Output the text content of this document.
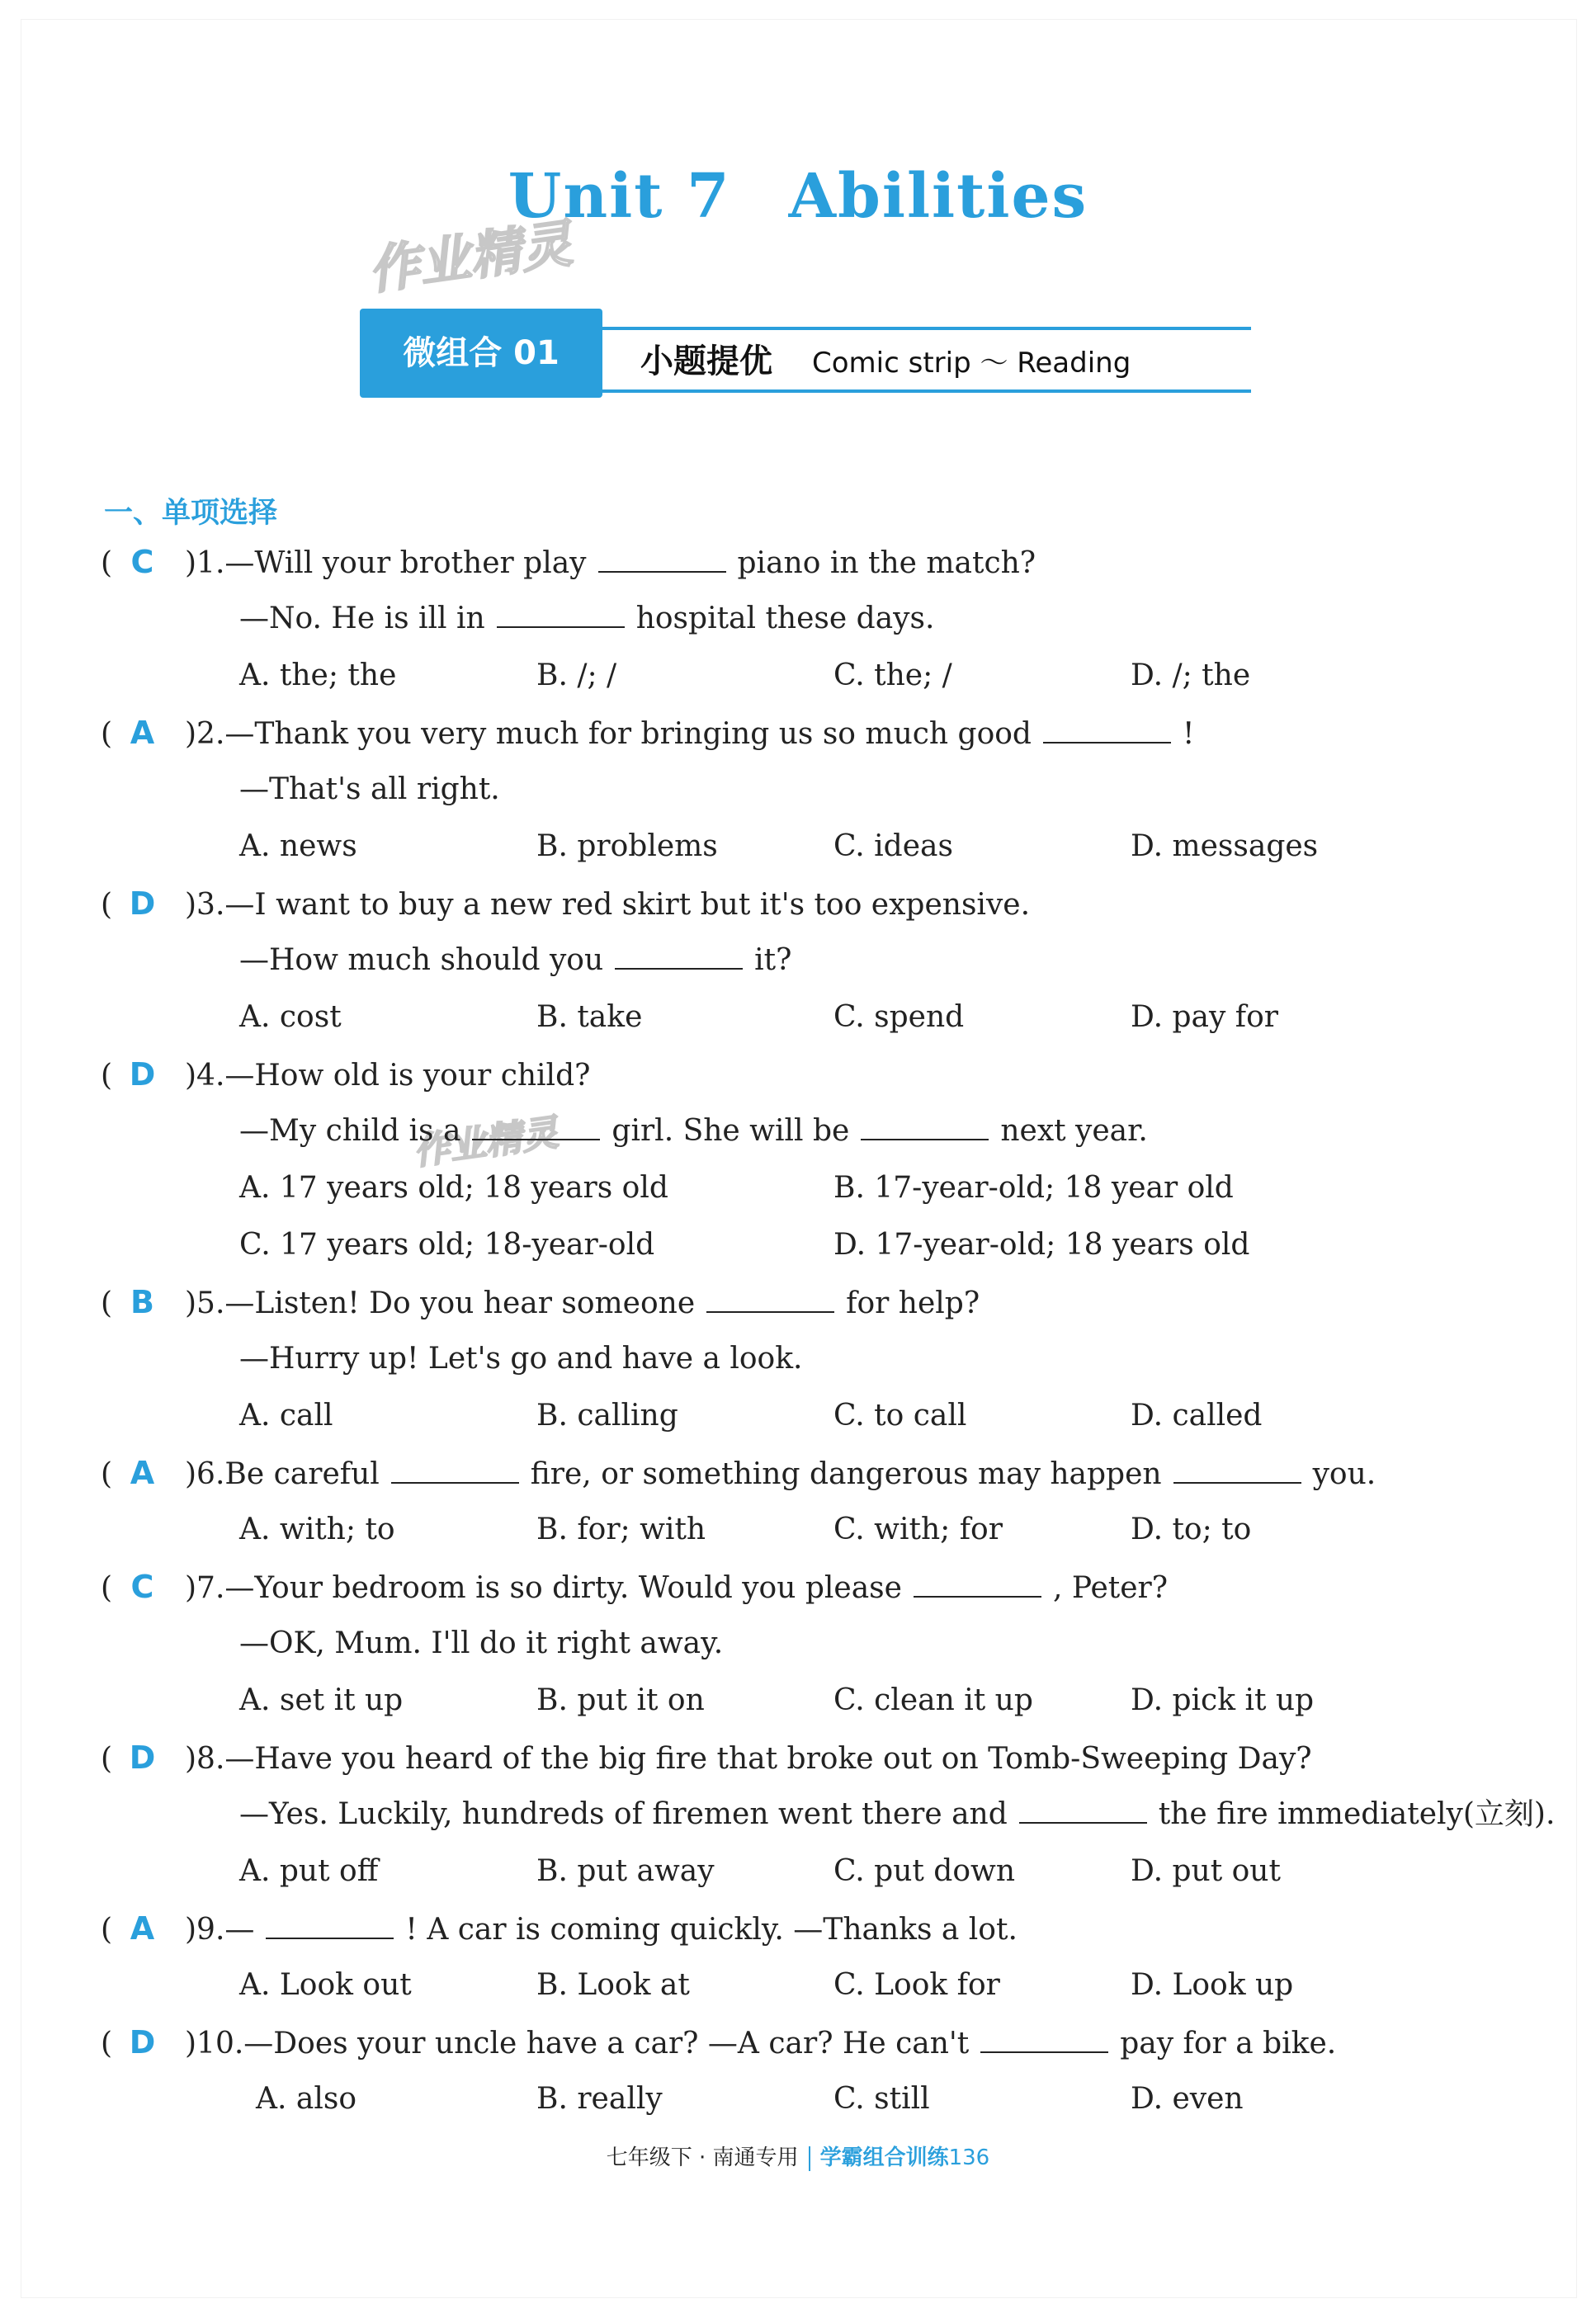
Unit 7 Abilities
作业精灵
作业精灵
微组合 01	小题提优 Comic strip ～ Reading
一、单项选择
( C )1.—Will your brother play	piano in the match?
—No. He is ill in	hospital these days.
A. the; the	B. /; /	C. the; /	D. /; the
( A )2.—Thank you very much for bringing us so much good	!
—That's all right.
A. news	B. problems	C. ideas	D. messages
( D )3.—I want to buy a new red skirt but it's too expensive.
—How much should you	it?
A. cost	B. take	C. spend	D. pay for
( D )4.—How old is your child?
—My child is a	girl. She will be	next year.
A. 17 years old; 18 years old	B. 17-year-old; 18 year old
C. 17 years old; 18-year-old	D. 17-year-old; 18 years old
( B )5.—Listen! Do you hear someone	for help?
—Hurry up! Let's go and have a look.
A. call	B. calling	C. to call	D. called
( A )6.Be careful	fire, or something dangerous may happen	you.
A. with; to	B. for; with	C. with; for	D. to; to
( C )7.—Your bedroom is so dirty. Would you please	, Peter?
—OK, Mum. I'll do it right away.
A. set it up	B. put it on	C. clean it up	D. pick it up
( D )8.—Have you heard of the big fire that broke out on Tomb-Sweeping Day?
—Yes. Luckily, hundreds of firemen went there and	the fire immediately(立刻).
A. put off	B. put away	C. put down	D. put out
( A )9.—	! A car is coming quickly. —Thanks a lot.
A. Look out	B. Look at	C. Look for	D. Look up
( D )10.—Does your uncle have a car? —A car? He can't	pay for a bike.
A. also	B. really	C. still	D. even
七年级下 · 南通专用 学霸组合训练136
